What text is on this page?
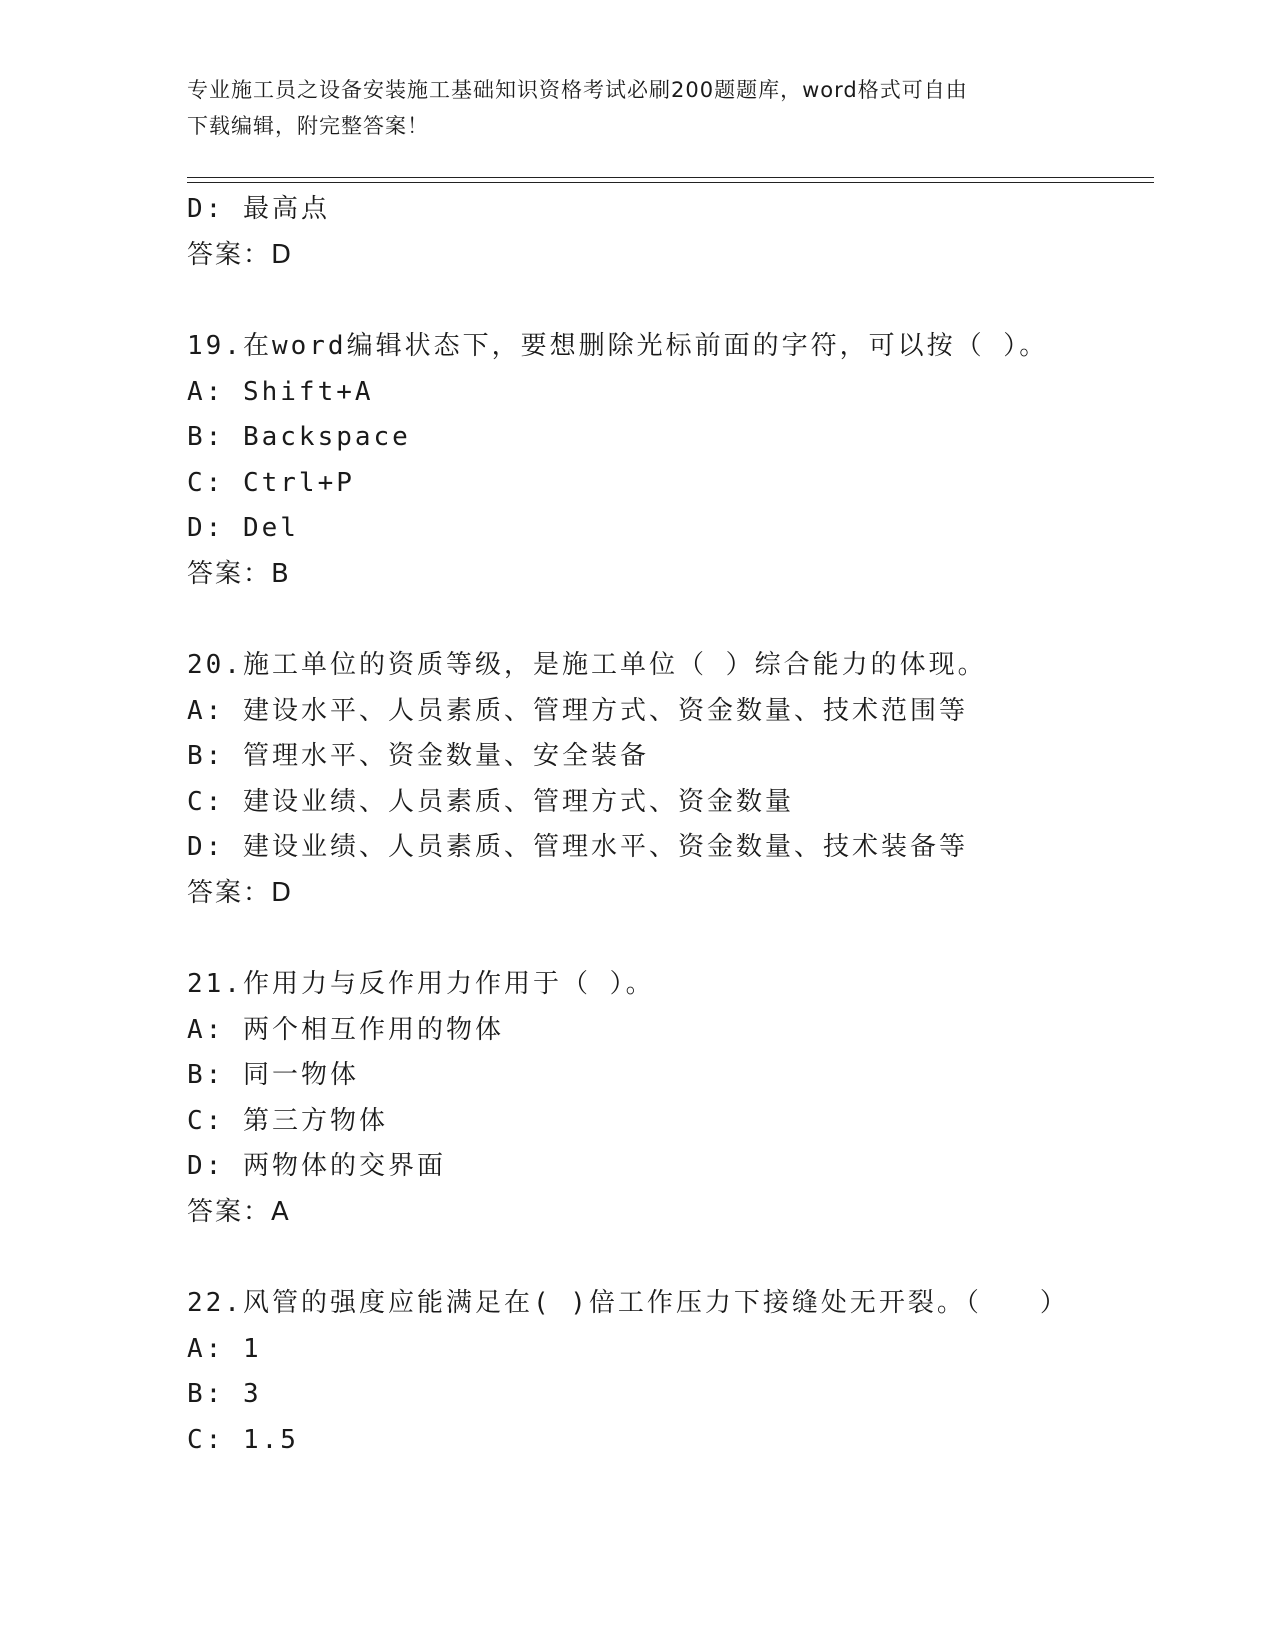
专业施工员之设备安装施工基础知识资格考试必刷200题题库，word格式可自由
下载编辑，附完整答案！
D: 最高点
答案：D
19.在word编辑状态下，要想删除光标前面的字符，可以按（ ）。
A: Shift+A
B: Backspace
C: Ctrl+P
D: Del
答案：B
20.施工单位的资质等级，是施工单位（ ）综合能力的体现。
A: 建设水平、人员素质、管理方式、资金数量、技术范围等
B: 管理水平、资金数量、安全装备
C: 建设业绩、人员素质、管理方式、资金数量
D: 建设业绩、人员素质、管理水平、资金数量、技术装备等
答案：D
21.作用力与反作用力作用于（ ）。
A: 两个相互作用的物体
B: 同一物体
C: 第三方物体
D: 两物体的交界面
答案：A
22.风管的强度应能满足在( )倍工作压力下接缝处无开裂。（　　）
A: 1
B: 3
C: 1.5
